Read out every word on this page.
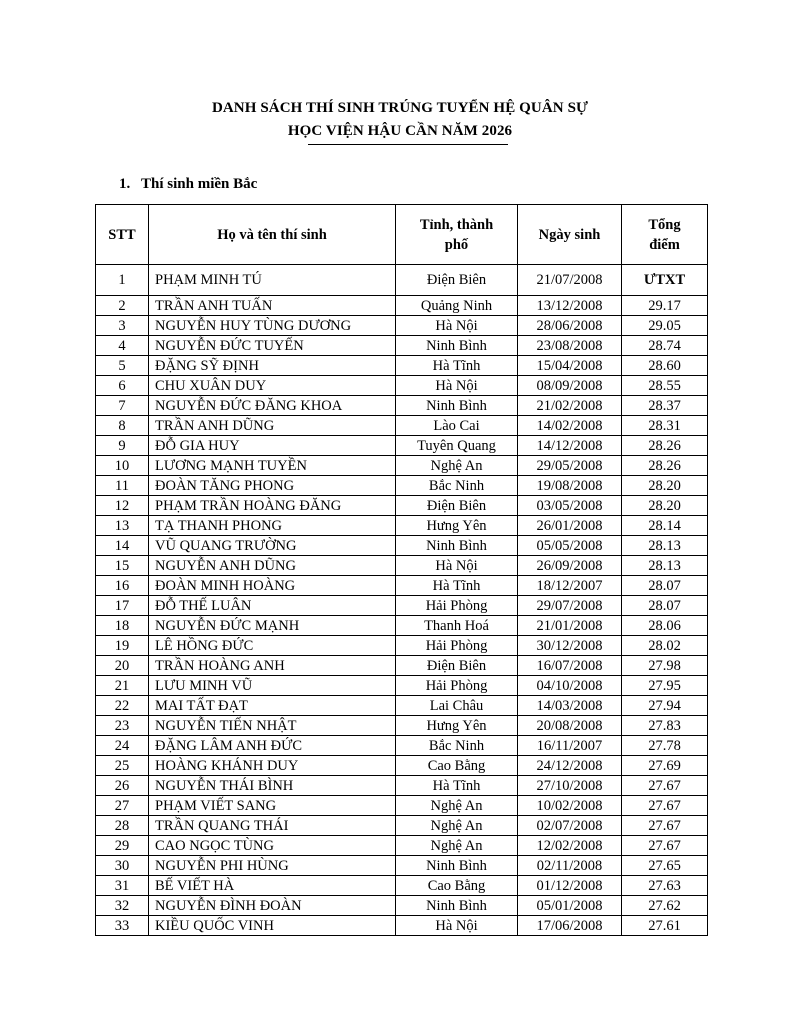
DANH SÁCH THÍ SINH TRÚNG TUYỂN HỆ QUÂN SỰ
HỌC VIỆN HẬU CẦN NĂM 2026
1. Thí sinh miền Bắc
STT	Họ và tên thí sinh	Tỉnh, thành phố	Ngày sinh	Tổng điểm
1	PHẠM MINH TÚ	Điện Biên	21/07/2008	ƯTXT
2	TRẦN ANH TUẤN	Quảng Ninh	13/12/2008	29.17
3	NGUYỄN HUY TÙNG DƯƠNG	Hà Nội	28/06/2008	29.05
4	NGUYỄN ĐỨC TUYẾN	Ninh Bình	23/08/2008	28.74
5	ĐẶNG SỸ ĐỊNH	Hà Tĩnh	15/04/2008	28.60
6	CHU XUÂN DUY	Hà Nội	08/09/2008	28.55
7	NGUYỄN ĐỨC ĐĂNG KHOA	Ninh Bình	21/02/2008	28.37
8	TRẦN ANH DŨNG	Lào Cai	14/02/2008	28.31
9	ĐỖ GIA HUY	Tuyên Quang	14/12/2008	28.26
10	LƯƠNG MẠNH TUYỀN	Nghệ An	29/05/2008	28.26
11	ĐOÀN TĂNG PHONG	Bắc Ninh	19/08/2008	28.20
12	PHẠM TRẦN HOÀNG ĐĂNG	Điện Biên	03/05/2008	28.20
13	TẠ THANH PHONG	Hưng Yên	26/01/2008	28.14
14	VŨ QUANG TRƯỜNG	Ninh Bình	05/05/2008	28.13
15	NGUYỄN ANH DŨNG	Hà Nội	26/09/2008	28.13
16	ĐOÀN MINH HOÀNG	Hà Tĩnh	18/12/2007	28.07
17	ĐỖ THẾ LUÂN	Hải Phòng	29/07/2008	28.07
18	NGUYỄN ĐỨC MẠNH	Thanh Hoá	21/01/2008	28.06
19	LÊ HỒNG ĐỨC	Hải Phòng	30/12/2008	28.02
20	TRẦN HOÀNG ANH	Điện Biên	16/07/2008	27.98
21	LƯU MINH VŨ	Hải Phòng	04/10/2008	27.95
22	MAI TẤT ĐẠT	Lai Châu	14/03/2008	27.94
23	NGUYỄN TIẾN NHẬT	Hưng Yên	20/08/2008	27.83
24	ĐẶNG LÂM ANH ĐỨC	Bắc Ninh	16/11/2007	27.78
25	HOÀNG KHÁNH DUY	Cao Bằng	24/12/2008	27.69
26	NGUYỄN THÁI BÌNH	Hà Tĩnh	27/10/2008	27.67
27	PHẠM VIẾT SANG	Nghệ An	10/02/2008	27.67
28	TRẦN QUANG THÁI	Nghệ An	02/07/2008	27.67
29	CAO NGỌC TÙNG	Nghệ An	12/02/2008	27.67
30	NGUYỄN PHI HÙNG	Ninh Bình	02/11/2008	27.65
31	BẾ VIẾT HÀ	Cao Bằng	01/12/2008	27.63
32	NGUYỄN ĐÌNH ĐOÀN	Ninh Bình	05/01/2008	27.62
33	KIỀU QUỐC VINH	Hà Nội	17/06/2008	27.61
